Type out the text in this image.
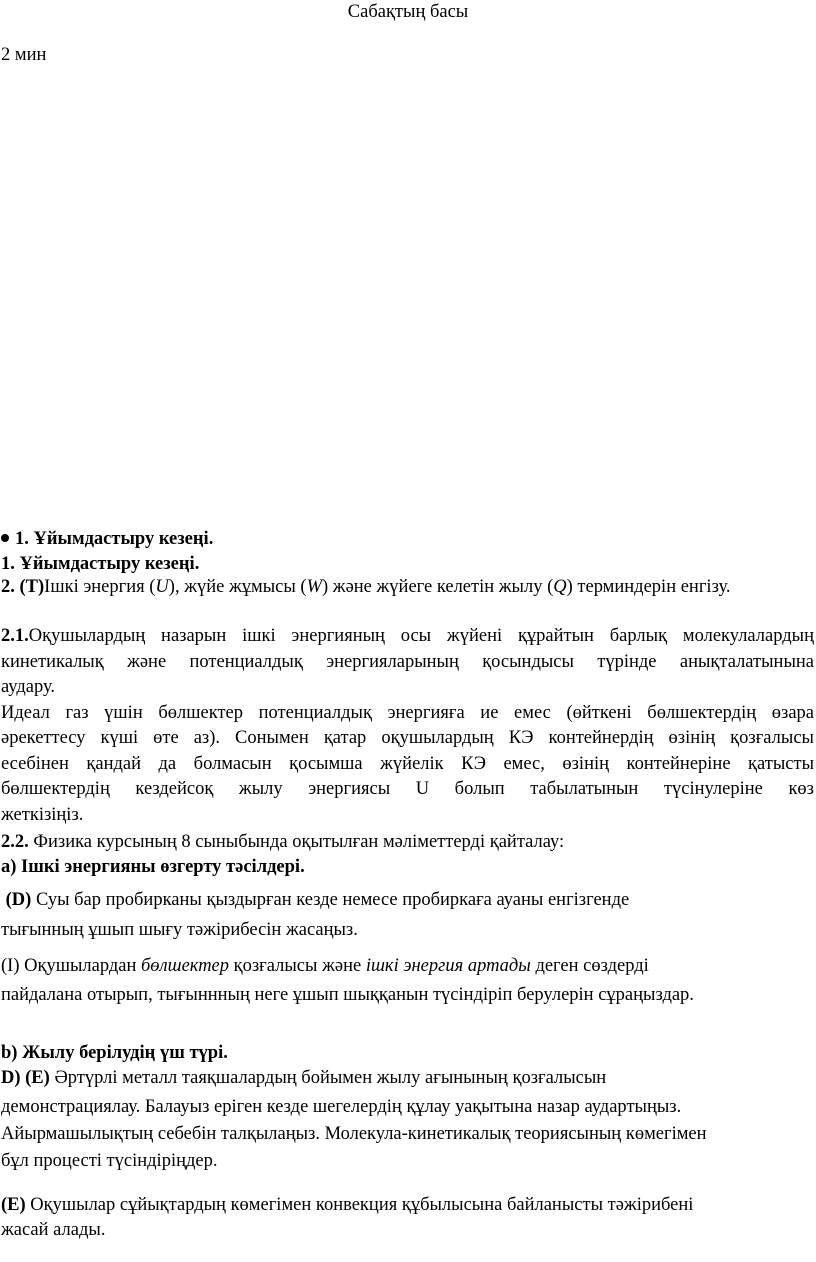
Сабақтың басы
2 мин
1. Ұйымдастыру кезеңі.
1. Ұйымдастыру кезеңі.
2. (Т)Ішкі энергия (U), жүйе жұмысы (W) және жүйеге келетін жылу (Q) терминдерін енгізу.
2.1.Оқушылардың назарын ішкі энергияның осы жүйені құрайтын барлық молекулалардың
кинетикалық және потенциалдық энергияларының қосындысы түрінде анықталатынына
аудару.
Идеал газ үшін бөлшектер потенциалдық энергияға ие емес (өйткені бөлшектердің өзара
әрекеттесу күші өте аз). Сонымен қатар оқушылардың КЭ контейнердің өзінің қозғалысы
есебінен қандай да болмасын қосымша жүйелік КЭ емес, өзінің контейнеріне қатысты
бөлшектердің кездейсоқ жылу энергиясы U болып табылатынын түсінулеріне көз
жеткізіңіз.
2.2. Физика курсының 8 сыныбында оқытылған мәліметтерді қайталау:
а) Ішкі энергияны өзгерту тәсілдері.
(D) Суы бар пробирканы қыздырған кезде немесе пробиркаға ауаны енгізгенде
тығынның ұшып шығу тәжірибесін жасаңыз.
(І) Оқушылардан бөлшектер қозғалысы және ішкі энергия артады деген сөздерді
пайдалана отырып, тығыннның неге ұшып шыққанын түсіндіріп берулерін сұраңыздар.
b) Жылу берілудің үш түрі.
D) (E) Әртүрлі металл таяқшалардың бойымен жылу ағынының қозғалысын
демонстрациялау. Балауыз еріген кезде шегелердің құлау уақытына назар аудартыңыз.
Айырмашылықтың себебін талқылаңыз. Молекула-кинетикалық теориясының көмегімен
бұл процесті түсіндіріңдер.
(E) Оқушылар сұйықтардың көмегімен конвекция құбылысына байланысты тәжірибені
жасай алады.
